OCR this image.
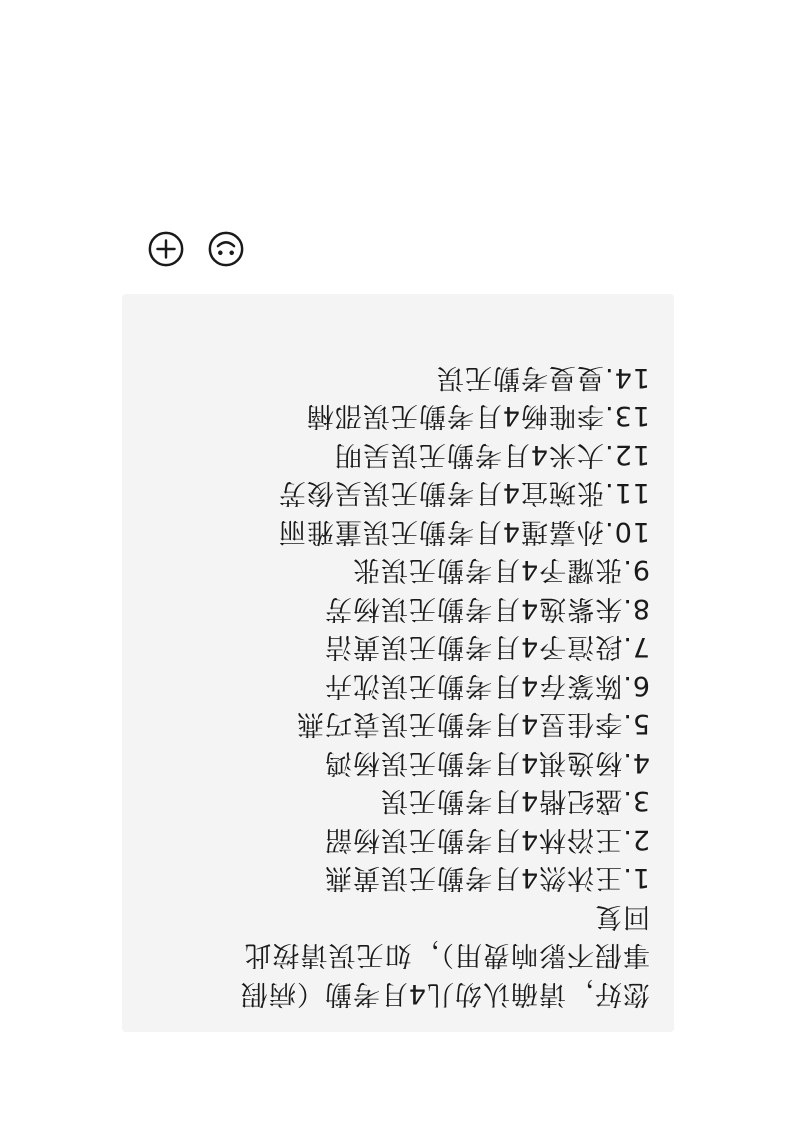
您好，请确认幼儿4月考勤（病假
事假不影响费用），如无误请按此
回复
1.王沐然4月考勤无误黄燕
2.王浴林4月考勤无误杨韶
3.盛纪楷4月考勤无误
4.杨逸祺4月考勤无误杨鸿
5.李佳昱4月考勤无误袁巧燕
6.陈篆存4月考勤无误沈卉
7.段渲予4月考勤无误黄洁
8.朱紫逸4月考勤无误杨芳
9.张耀予4月考勤无误张
10.孙嘉瑾4月考勤无误董雅丽
11.张琬宜4月考勤无误吴俊芳
12.大米4月考勤无误吴明
13.李唯畅4月考勤无误邵楠
14.曼曼考勤无误
